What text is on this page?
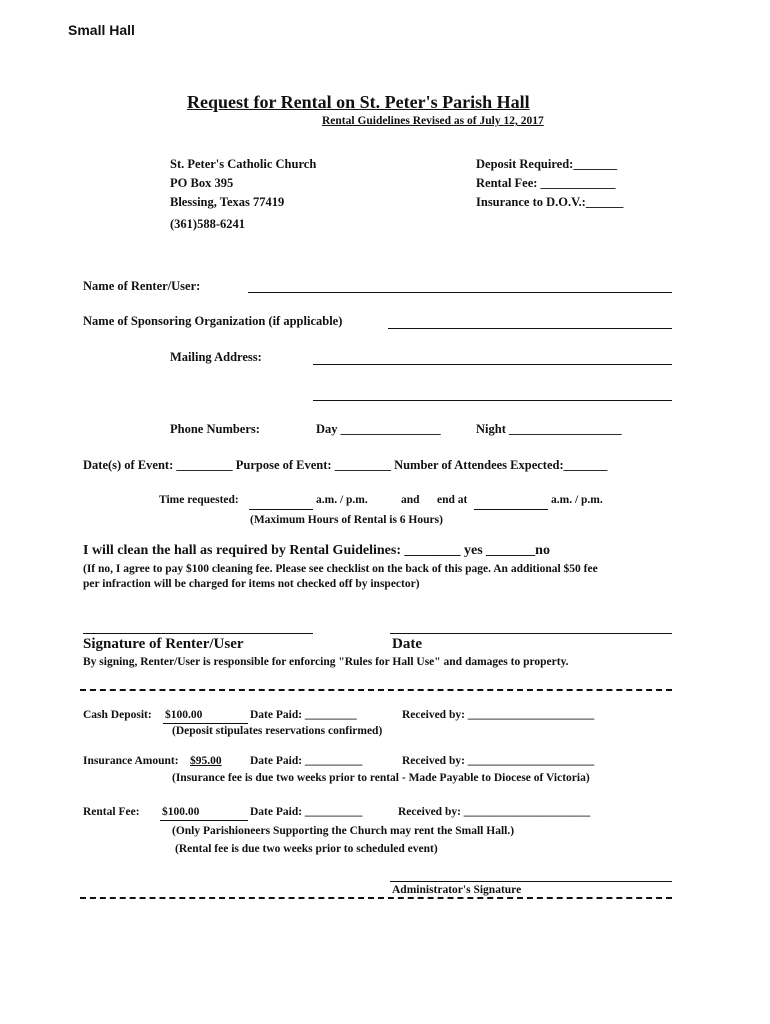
Small Hall
Request for Rental on St. Peter's Parish Hall
Rental Guidelines Revised as of July 12, 2017
St. Peter's Catholic Church
PO Box 395
Blessing, Texas 77419
(361)588-6241
Deposit Required:_______
Rental Fee: ____________
Insurance to D.O.V.:______
Name of Renter/User:
Name of Sponsoring Organization (if applicable)
Mailing Address:
Phone Numbers:	Day ________________	Night __________________
Date(s) of Event: _________ Purpose of Event: _________ Number of Attendees Expected:_______
Time requested:	a.m. / p.m.	and end at	a.m. / p.m.
(Maximum Hours of Rental is 6 Hours)
I will clean the hall as required by Rental Guidelines: ________ yes _______no
(If no, I agree to pay $100 cleaning fee. Please see checklist on the back of this page. An additional $50 fee
per infraction will be charged for items not checked off by inspector)
Signature of Renter/User	Date
By signing, Renter/User is responsible for enforcing "Rules for Hall Use" and damages to property.
Cash Deposit: $100.00	Date Paid: _________	Received by: ______________________
(Deposit stipulates reservations confirmed)
Insurance Amount: $95.00 Date Paid: __________	Received by: ______________________
(Insurance fee is due two weeks prior to rental - Made Payable to Diocese of Victoria)
Rental Fee: $100.00	Date Paid: __________	Received by: ______________________
(Only Parishioneers Supporting the Church may rent the Small Hall.)
(Rental fee is due two weeks prior to scheduled event)
Administrator's Signature
